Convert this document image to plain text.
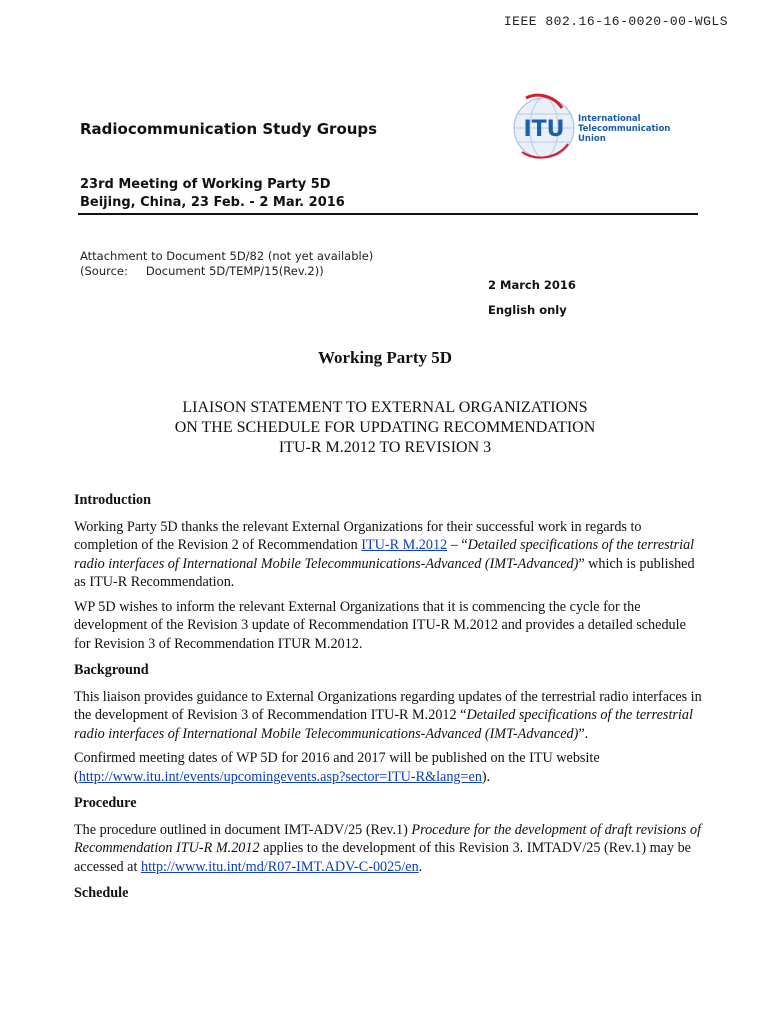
IEEE 802.16-16-0020-00-WGLS
Radiocommunication Study Groups	ITU International
Telecommunication
Union
23rd Meeting of Working Party 5D
Beijing, China, 23 Feb. - 2 Mar. 2016
Attachment to Document 5D/82 (not yet available)
(Source: Document 5D/TEMP/15(Rev.2))
2 March 2016
English only
Working Party 5D
LIAISON STATEMENT TO EXTERNAL ORGANIZATIONS
ON THE SCHEDULE FOR UPDATING RECOMMENDATION
ITU-R M.2012 TO REVISION 3
Introduction

Working Party 5D thanks the relevant External Organizations for their successful work in regards to completion of the Revision 2 of Recommendation ITU-R M.2012 – “Detailed specifications of the terrestrial radio interfaces of International Mobile Telecommunications-Advanced (IMT-Advanced)” which is published as ITU-R Recommendation.

WP 5D wishes to inform the relevant External Organizations that it is commencing the cycle for the development of the Revision 3 update of Recommendation ITU-R M.2012 and provides a detailed schedule for Revision 3 of Recommendation ITUR M.2012.

Background

This liaison provides guidance to External Organizations regarding updates of the terrestrial radio interfaces in the development of Revision 3 of Recommendation ITU-R M.2012 “Detailed specifications of the terrestrial radio interfaces of International Mobile Telecommunications-Advanced (IMT-Advanced)”.

Confirmed meeting dates of WP 5D for 2016 and 2017 will be published on the ITU website (http://www.itu.int/events/upcomingevents.asp?sector=ITU-R&lang=en).

Procedure

The procedure outlined in document IMT-ADV/25 (Rev.1) Procedure for the development of draft revisions of Recommendation ITU-R M.2012 applies to the development of this Revision 3. IMTADV/25 (Rev.1) may be accessed at http://www.itu.int/md/R07-IMT.ADV-C-0025/en.

Schedule
